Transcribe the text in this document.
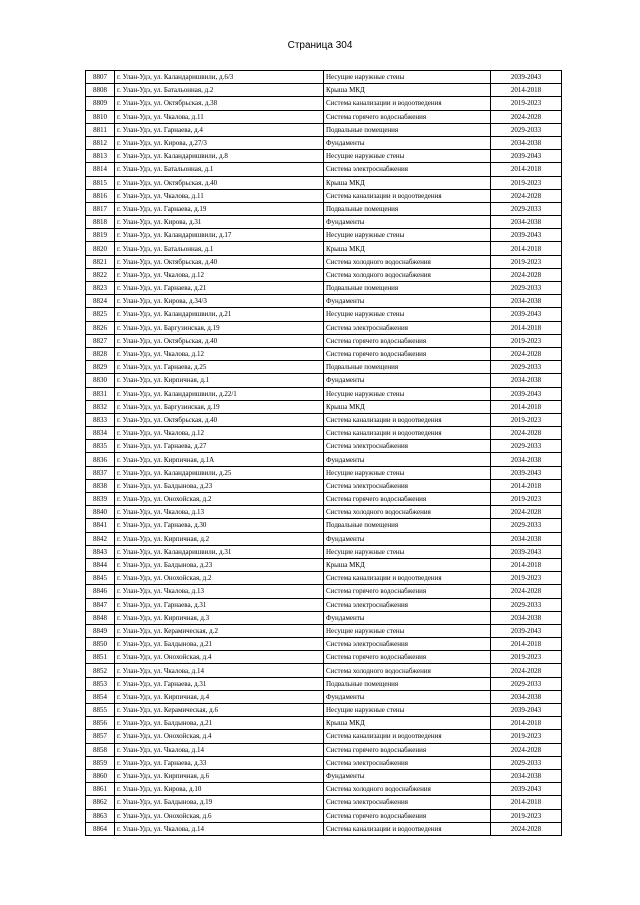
Страница 304
8807	г. Улан-Удэ, ул. Каландаришвили, д.6/3	Несущие наружные стены	2039-2043
8808	г. Улан-Удэ, ул. Батальонная, д.2	Крыша МКД	2014-2018
8809	г. Улан-Удэ, ул. Октябрьская, д.38	Система канализации и водоотведения	2019-2023
8810	г. Улан-Удэ, ул. Чкалова, д.11	Система горячего водоснабжения	2024-2028
8811	г. Улан-Удэ, ул. Гарнаева, д.4	Подвальные помещения	2029-2033
8812	г. Улан-Удэ, ул. Кирова, д.27/3	Фундаменты	2034-2038
8813	г. Улан-Удэ, ул. Каландаришвили, д.8	Несущие наружные стены	2039-2043
8814	г. Улан-Удэ, ул. Батальонная, д.1	Система электроснабжения	2014-2018
8815	г. Улан-Удэ, ул. Октябрьская, д.40	Крыша МКД	2019-2023
8816	г. Улан-Удэ, ул. Чкалова, д.11	Система канализации и водоотведения	2024-2028
8817	г. Улан-Удэ, ул. Гарнаева, д.19	Подвальные помещения	2029-2033
8818	г. Улан-Удэ, ул. Кирова, д.31	Фундаменты	2034-2038
8819	г. Улан-Удэ, ул. Каландаришвили, д.17	Несущие наружные стены	2039-2043
8820	г. Улан-Удэ, ул. Батальонная, д.1	Крыша МКД	2014-2018
8821	г. Улан-Удэ, ул. Октябрьская, д.40	Система холодного водоснабжения	2019-2023
8822	г. Улан-Удэ, ул. Чкалова, д.12	Система холодного водоснабжения	2024-2028
8823	г. Улан-Удэ, ул. Гарнаева, д.21	Подвальные помещения	2029-2033
8824	г. Улан-Удэ, ул. Кирова, д.34/3	Фундаменты	2034-2038
8825	г. Улан-Удэ, ул. Каландаришвили, д.21	Несущие наружные стены	2039-2043
8826	г. Улан-Удэ, ул. Баргузинская, д.19	Система электроснабжения	2014-2018
8827	г. Улан-Удэ, ул. Октябрьская, д.40	Система горячего водоснабжения	2019-2023
8828	г. Улан-Удэ, ул. Чкалова, д.12	Система горячего водоснабжения	2024-2028
8829	г. Улан-Удэ, ул. Гарнаева, д.25	Подвальные помещения	2029-2033
8830	г. Улан-Удэ, ул. Кирпичная, д.1	Фундаменты	2034-2038
8831	г. Улан-Удэ, ул. Каландаришвили, д.22/1	Несущие наружные стены	2039-2043
8832	г. Улан-Удэ, ул. Баргузинская, д.19	Крыша МКД	2014-2018
8833	г. Улан-Удэ, ул. Октябрьская, д.40	Система канализации и водоотведения	2019-2023
8834	г. Улан-Удэ, ул. Чкалова, д.12	Система канализации и водоотведения	2024-2028
8835	г. Улан-Удэ, ул. Гарнаева, д.27	Система электроснабжения	2029-2033
8836	г. Улан-Удэ, ул. Кирпичная, д.1А	Фундаменты	2034-2038
8837	г. Улан-Удэ, ул. Каландаришвили, д.25	Несущие наружные стены	2039-2043
8838	г. Улан-Удэ, ул. Балдынова, д.23	Система электроснабжения	2014-2018
8839	г. Улан-Удэ, ул. Онохойская, д.2	Система горячего водоснабжения	2019-2023
8840	г. Улан-Удэ, ул. Чкалова, д.13	Система холодного водоснабжения	2024-2028
8841	г. Улан-Удэ, ул. Гарнаева, д.30	Подвальные помещения	2029-2033
8842	г. Улан-Удэ, ул. Кирпичная, д.2	Фундаменты	2034-2038
8843	г. Улан-Удэ, ул. Каландаришвили, д.31	Несущие наружные стены	2039-2043
8844	г. Улан-Удэ, ул. Балдынова, д.23	Крыша МКД	2014-2018
8845	г. Улан-Удэ, ул. Онохойская, д.2	Система канализации и водоотведения	2019-2023
8846	г. Улан-Удэ, ул. Чкалова, д.13	Система горячего водоснабжения	2024-2028
8847	г. Улан-Удэ, ул. Гарнаева, д.31	Система электроснабжения	2029-2033
8848	г. Улан-Удэ, ул. Кирпичная, д.3	Фундаменты	2034-2038
8849	г. Улан-Удэ, ул. Керамическая, д.2	Несущие наружные стены	2039-2043
8850	г. Улан-Удэ, ул. Балдынова, д.21	Система электроснабжения	2014-2018
8851	г. Улан-Удэ, ул. Онохойская, д.4	Система горячего водоснабжения	2019-2023
8852	г. Улан-Удэ, ул. Чкалова, д.14	Система холодного водоснабжения	2024-2028
8853	г. Улан-Удэ, ул. Гарнаева, д.31	Подвальные помещения	2029-2033
8854	г. Улан-Удэ, ул. Кирпичная, д.4	Фундаменты	2034-2038
8855	г. Улан-Удэ, ул. Керамическая, д.6	Несущие наружные стены	2039-2043
8856	г. Улан-Удэ, ул. Балдынова, д.21	Крыша МКД	2014-2018
8857	г. Улан-Удэ, ул. Онохойская, д.4	Система канализации и водоотведения	2019-2023
8858	г. Улан-Удэ, ул. Чкалова, д.14	Система горячего водоснабжения	2024-2028
8859	г. Улан-Удэ, ул. Гарнаева, д.33	Система электроснабжения	2029-2033
8860	г. Улан-Удэ, ул. Кирпичная, д.6	Фундаменты	2034-2038
8861	г. Улан-Удэ, ул. Кирова, д.10	Система холодного водоснабжения	2039-2043
8862	г. Улан-Удэ, ул. Балдынова, д.19	Система электроснабжения	2014-2018
8863	г. Улан-Удэ, ул. Онохойская, д.6	Система горячего водоснабжения	2019-2023
8864	г. Улан-Удэ, ул. Чкалова, д.14	Система канализации и водоотведения	2024-2028
